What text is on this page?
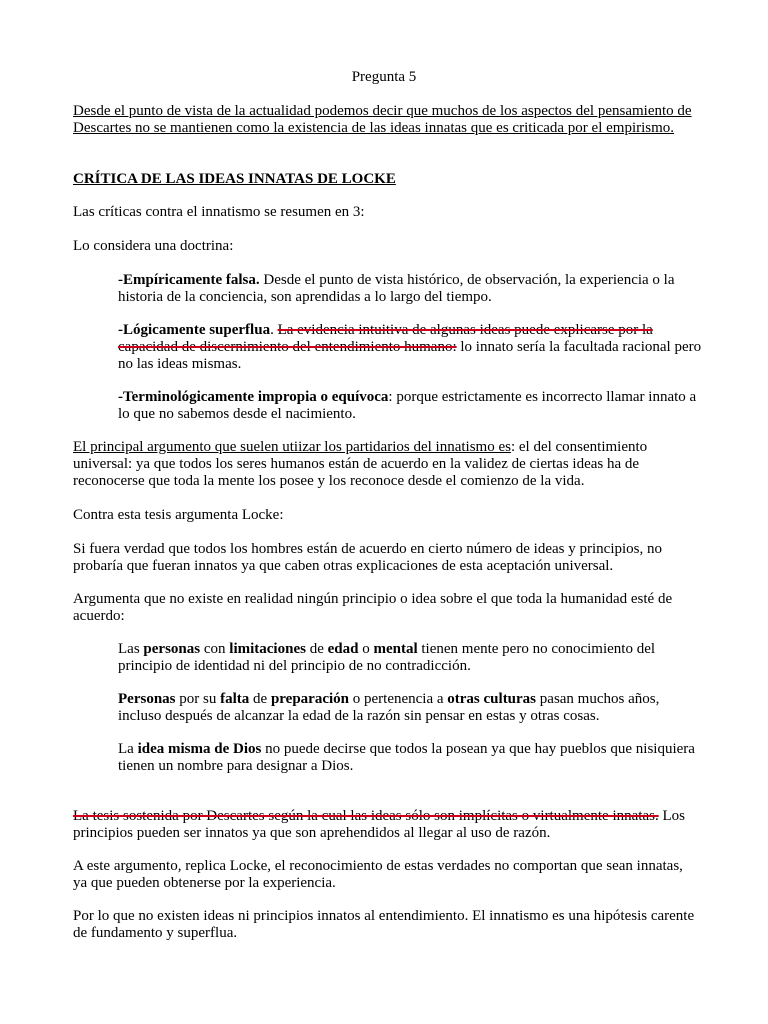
Pregunta 5

Desde el punto de vista de la actualidad podemos decir que muchos de los aspectos del pensamiento de Descartes no se mantienen como la existencia de las ideas innatas que es criticada por el empirismo.

CRÍTICA DE LAS IDEAS INNATAS DE LOCKE

Las críticas contra el innatismo se resumen en 3:

Lo considera una doctrina:

-Empíricamente falsa. Desde el punto de vista histórico, de observación, la experiencia o la historia de la conciencia, son aprendidas a lo largo del tiempo.

-Lógicamente superflua. La evidencia intuitiva de algunas ideas puede explicarse por la capacidad de discernimiento del entendimiento humano: lo innato sería la facultada racional pero no las ideas mismas.

-Terminológicamente impropia o equívoca: porque estrictamente es incorrecto llamar innato a lo que no sabemos desde el nacimiento.

El principal argumento que suelen utiizar los partidarios del innatismo es: el del consentimiento universal: ya que todos los seres humanos están de acuerdo en la validez de ciertas ideas ha de reconocerse que toda la mente los posee y los reconoce desde el comienzo de la vida.

Contra esta tesis argumenta Locke:

Si fuera verdad que todos los hombres están de acuerdo en cierto número de ideas y principios, no probaría que fueran innatos ya que caben otras explicaciones de esta aceptación universal.

Argumenta que no existe en realidad ningún principio o idea sobre el que toda la humanidad esté de acuerdo:

Las personas con limitaciones de edad o mental tienen mente pero no conocimiento del principio de identidad ni del principio de no contradicción.

Personas por su falta de preparación o pertenencia a otras culturas pasan muchos años, incluso después de alcanzar la edad de la razón sin pensar en estas y otras cosas.

La idea misma de Dios no puede decirse que todos la posean ya que hay pueblos que nisiquiera tienen un nombre para designar a Dios.

La tesis sostenida por Descartes según la cual las ideas sólo son implícitas o virtualmente innatas. Los principios pueden ser innatos ya que son aprehendidos al llegar al uso de razón.

A este argumento, replica Locke, el reconocimiento de estas verdades no comportan que sean innatas, ya que pueden obtenerse por la experiencia.

Por lo que no existen ideas ni principios innatos al entendimiento. El innatismo es una hipótesis carente de fundamento y superflua.
